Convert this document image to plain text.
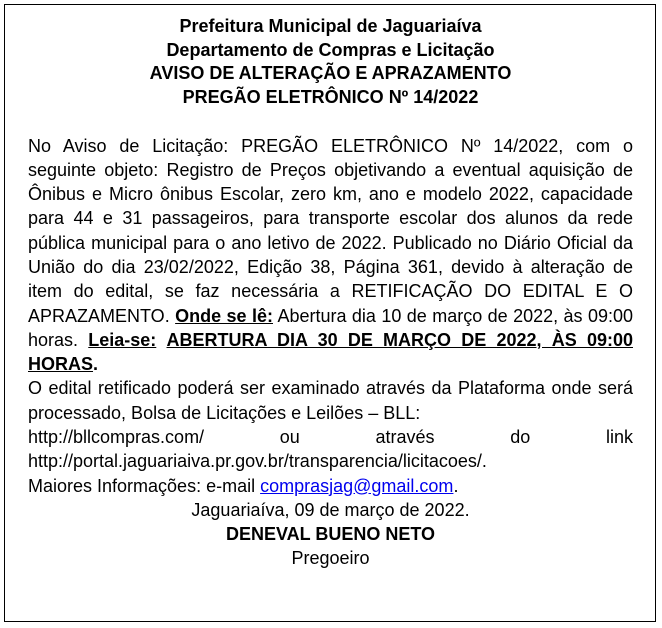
Prefeitura Municipal de Jaguariaíva
Departamento de Compras e Licitação
AVISO DE ALTERAÇÃO E APRAZAMENTO
PREGÃO ELETRÔNICO Nº 14/2022

No Aviso de Licitação: PREGÃO ELETRÔNICO Nº 14/2022, com o seguinte objeto: Registro de Preços objetivando a eventual aquisição de Ônibus e Micro ônibus Escolar, zero km, ano e modelo 2022, capacidade para 44 e 31 passageiros, para transporte escolar dos alunos da rede pública municipal para o ano letivo de 2022. Publicado no Diário Oficial da União do dia 23/02/2022, Edição 38, Página 361, devido à alteração de item do edital, se faz necessária a RETIFICAÇÃO DO EDITAL E O APRAZAMENTO. Onde se lê: Abertura dia 10 de março de 2022, às 09:00 horas. Leia-se: ABERTURA DIA 30 DE MARÇO DE 2022, ÀS 09:00 HORAS.

O edital retificado poderá ser examinado através da Plataforma onde será processado, Bolsa de Licitações e Leilões – BLL:

http://bllcompras.com/ ou através do link

http://portal.jaguariaiva.pr.gov.br/transparencia/licitacoes/.

Maiores Informações: e-mail comprasjag@gmail.com.

Jaguariaíva, 09 de março de 2022.
DENEVAL BUENO NETO
Pregoeiro
